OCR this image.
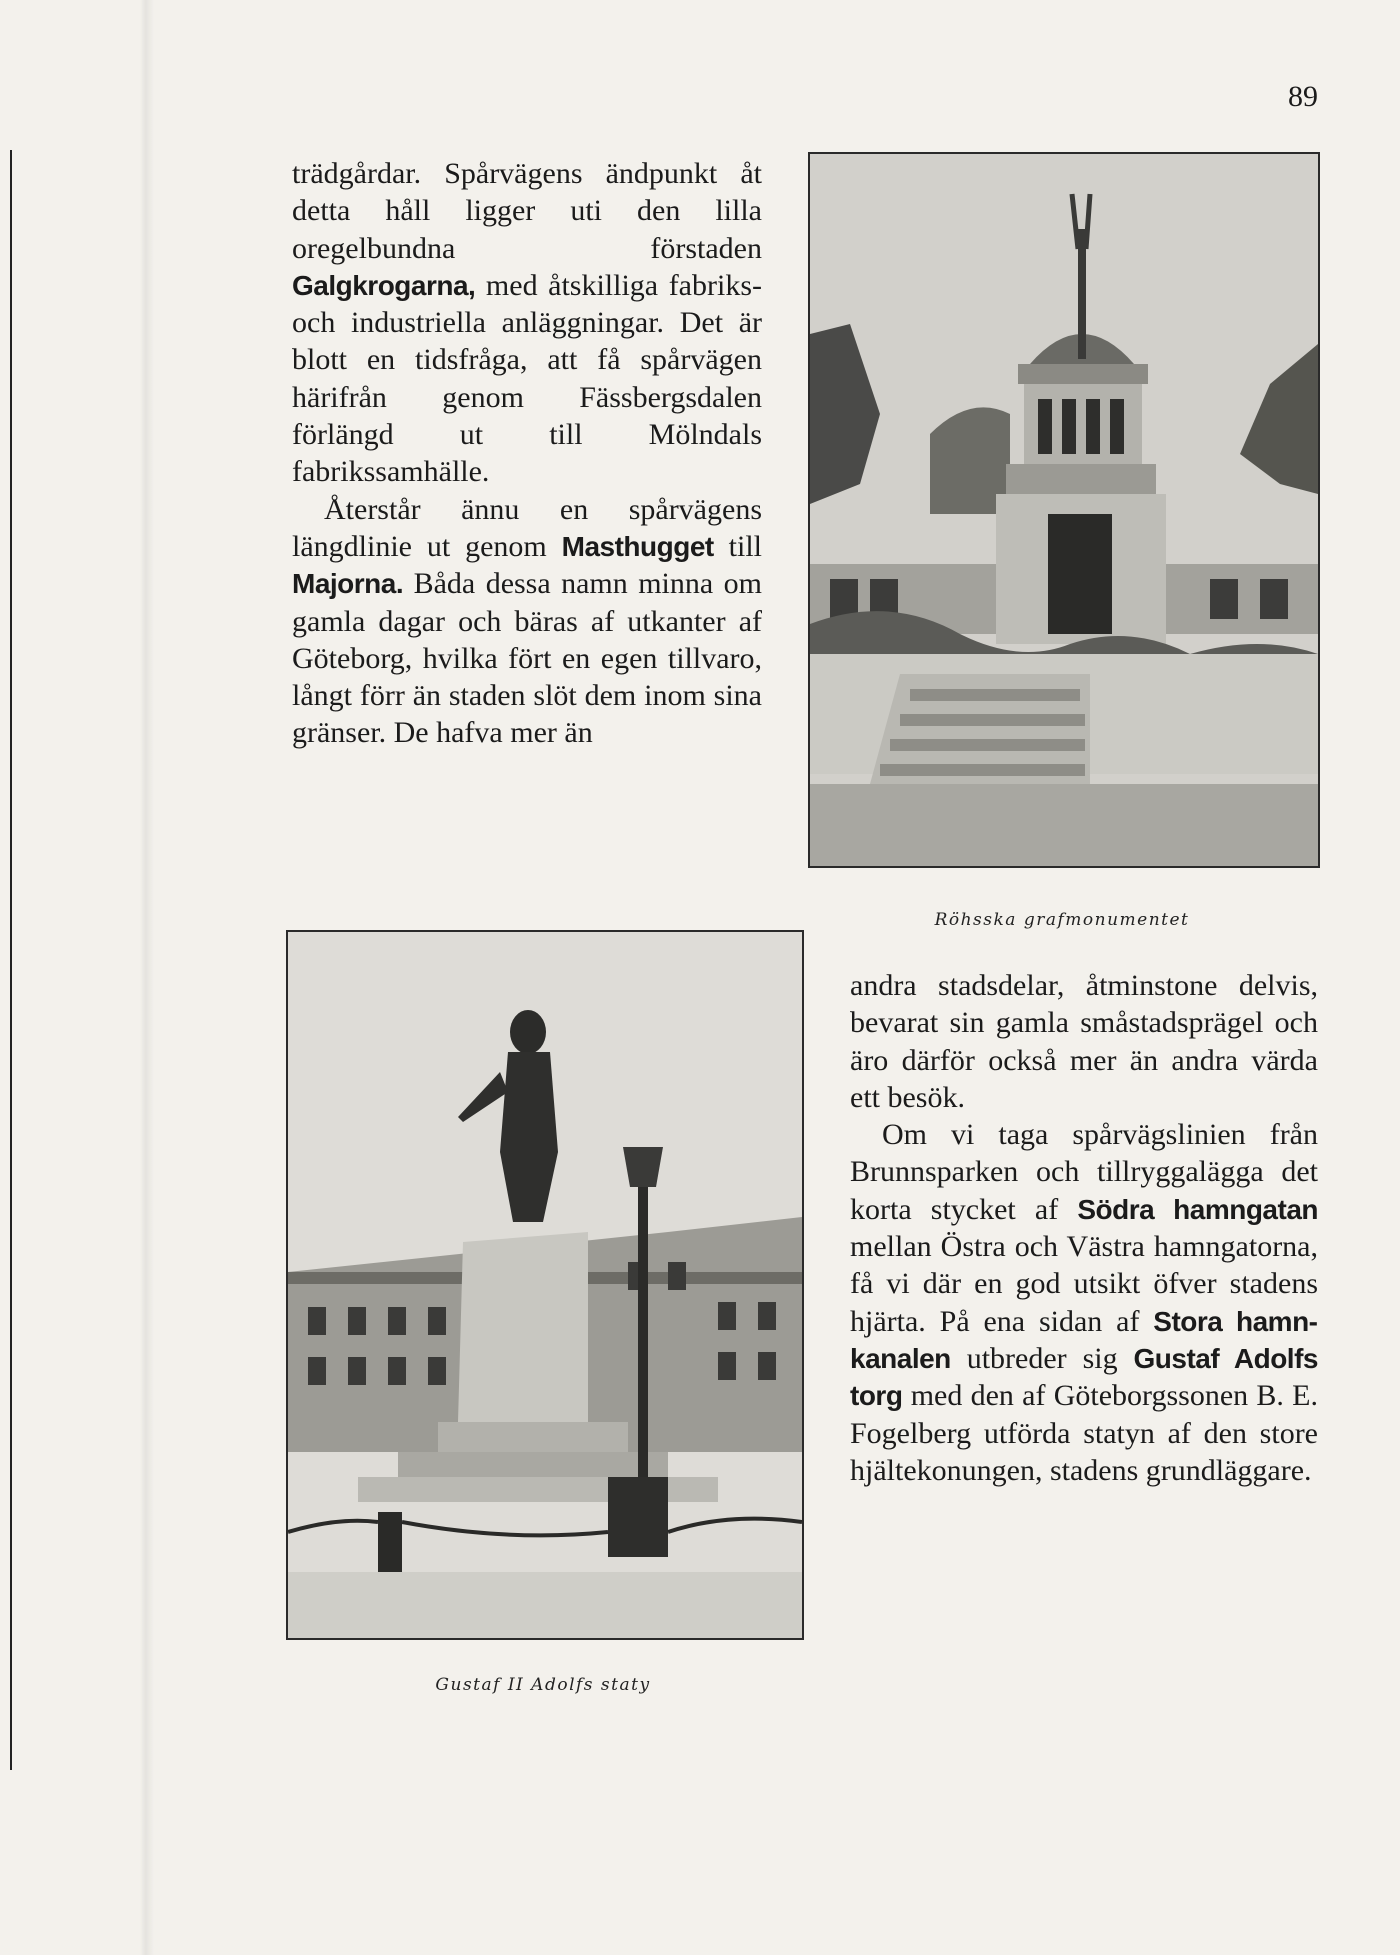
89

trädgårdar. Spårvägens ändpunkt åt detta håll ligger uti den lilla oregelbundna förstaden Galgkrogarna, med åtskilliga fabriks- och industriella anläggningar. Det är blott en tidsfråga, att få spårvägen härifrån genom Fässbergsdalen förlängd ut till Mölndals fabrikssamhälle.

Återstår ännu en spårvägens längdlinie ut genom Masthugget till Majorna. Båda dessa namn minna om gamla dagar och bäras af utkanter af Göteborg, hvilka fört en egen tillvaro, långt förr än staden slöt dem inom sina gränser. De hafva mer än

Röhsska grafmonumentet
Gustaf II Adolfs staty

andra stadsdelar, åtminstone delvis, bevarat sin gamla småstadsprägel och äro därför också mer än andra värda ett besök.

Om vi taga spårvägslinien från Brunnsparken och tillryggalägga det korta stycket af Södra hamngatan mellan Östra och Västra hamngatorna, få vi där en god utsikt öfver stadens hjärta. På ena sidan af Stora hamnkanalen utbreder sig Gustaf Adolfs torg med den af Göteborgssonen B. E. Fogelberg utförda statyn af den store hjältekonungen, stadens grundläggare.
